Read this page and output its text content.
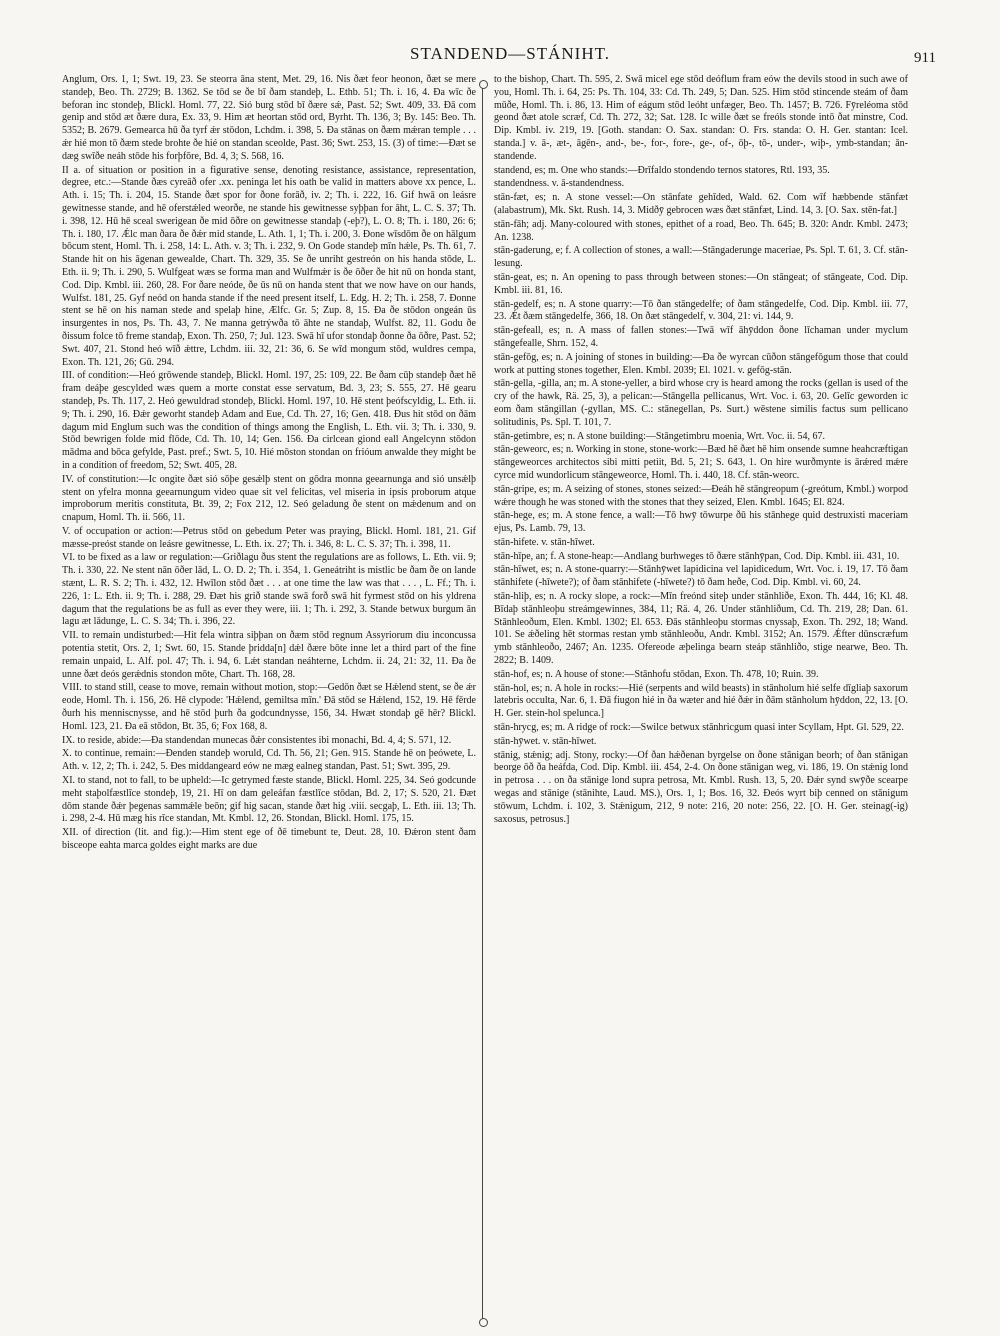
STANDEND—STÁNIHT.	911

Anglum, Ors. 1, 1; Swt. 19, 23. Se steorra āna stent, Met. 29, 16. Nis ðæt feor heonon, ðæt se mere standeþ, Beo. Th. 2729; B. 1362. Se tōd se ðe bī ðam standeþ, L. Ethb. 51; Th. i. 16, 4. Ða wīc ðe beforan inc stondeþ, Blickl. Homl. 77, 22. Sió burg stōd bī ðære sǽ, Past. 52; Swt. 409, 33. Ðā com genip and stōd æt ðære dura, Ex. 33, 9. Him æt heortan stōd ord, Byrht. Th. 136, 3; By. 145: Beo. Th. 5352; B. 2679. Gemearca hū ða tyrf ǽr stōdon, Lchdm. i. 398, 5. Ða stānas on ðæm mǽran temple . . . ǽr hié mon tō ðæm stede brohte ðe hié on standan sceolde, Past. 36; Swt. 253, 15. (3) of time:—Ðæt se dæg swīðe neáh stōde his forþfōre, Bd. 4, 3; S. 568, 16.

II a. of situation or position in a figurative sense, denoting resistance, assistance, representation, degree, etc.:—Stande ðæs cyreāð ofer .xx. peninga let his oath be valid in matters above xx pence, L. Ath. i. 15; Th. i. 204, 15. Stande ðæt spor for ðone forāð, iv. 2; Th. i. 222, 16. Gif hwā on leásre gewitnesse stande, and hē oferstǽled weorðe, ne stande his gewitnesse syþþan for āht, L. C. S. 37; Th. i. 398, 12. Hū hē sceal swerigean ðe mid ōðre on gewitnesse standaþ (-eþ?), L. O. 8; Th. i. 180, 26: 6; Th. i. 180, 17. Ǽlc man ðara ðe ðǽr mid stande, L. Ath. 1, 1; Th. i. 200, 3. Ðone wīsdōm ðe on hālgum bōcum stent, Homl. Th. i. 258, 14: L. Ath. v. 3; Th. i. 232, 9. On Gode standeþ mīn hǽle, Ps. Th. 61, 7. Stande hit on his āgenan gewealde, Chart. Th. 329, 35. Se ðe unriht gestreón on his handa stōde, L. Eth. ii. 9; Th. i. 290, 5. Wulfgeat wæs se forma man and Wulfmǽr is ðe ōðer ðe hit nū on honda stant, Cod. Dip. Kmbl. iii. 260, 28. For ðare neóde, ðe ūs nū on handa stent that we now have on our hands, Wulfst. 181, 25. Gyf neód on handa stande if the need present itself, L. Edg. H. 2; Th. i. 258, 7. Ðonne stent se hē on his naman stede and spelaþ hine, Ælfc. Gr. 5; Zup. 8, 15. Ða ðe stōdon ongeán ūs insurgentes in nos, Ps. Th. 43, 7. Ne manna getrýwða tō āhte ne standaþ, Wulfst. 82, 11. Godu ðe ðissum folce tō freme standaþ, Exon. Th. 250, 7; Jul. 123. Swā hī ufor stondaþ ðonne ða ōðre, Past. 52; Swt. 407, 21. Stond heó wīð ǽttre, Lchdm. iii. 32, 21: 36, 6. Se wīd mongum stōd, wuldres cempa, Exon. Th. 121, 26; Gū. 294.

III. of condition:—Heó grōwende standeþ, Blickl. Homl. 197, 25: 109, 22. Be ðam cūþ standeþ ðæt hē fram deáþe gescylded wæs quem a morte constat esse servatum, Bd. 3, 23; S. 555, 27. Hē gearu standeþ, Ps. Th. 117, 2. Heó gewuldrad stondeþ, Blickl. Homl. 197, 10. Hē stent þeófscyldig, L. Eth. ii. 9; Th. i. 290, 16. Ðǽr geworht standeþ Adam and Eue, Cd. Th. 27, 16; Gen. 418. Ðus hit stōd on ðām dagum mid Englum such was the condition of things among the English, L. Eth. vii. 3; Th. i. 330, 9. Stōd bewrigen folde mid flōde, Cd. Th. 10, 14; Gen. 156. Ða cirlcean giond eall Angelcynn stōdon mādma and bōca gefylde, Past. pref.; Swt. 5, 10. Hié mōston stondan on frióum anwalde they might be in a condition of freedom, 52; Swt. 405, 28.

IV. of constitution:—Ic ongite ðæt sió sōþe gesǽlþ stent on gōdra monna geearnunga and sió unsǽlþ stent on yfelra monna geearnungum video quae sit vel felicitas, vel miseria in ipsis proborum atque improborum meritis constituta, Bt. 39, 2; Fox 212, 12. Seó geladung ðe stent on mǽdenum and on cnapum, Homl. Th. ii. 566, 11.

V. of occupation or action:—Petrus stōd on gebedum Peter was praying, Blickl. Homl. 181, 21. Gif mæsse-preóst stande on leásre gewitnesse, L. Eth. ix. 27; Th. i. 346, 8: L. C. S. 37; Th. i. 398, 11.

VI. to be fixed as a law or regulation:—Griðlagu ðus stent the regulations are as follows, L. Eth. vii. 9; Th. i. 330, 22. Ne stent nān ōðer lād, L. O. D. 2; Th. i. 354, 1. Geneátriht is mistlic be ðam ðe on lande stænt, L. R. S. 2; Th. i. 432, 12. Hwīlon stōd ðæt . . . at one time the law was that . . . , L. Ff.; Th. i. 226, 1: L. Eth. ii. 9; Th. i. 288, 29. Ðæt his grið stande swā forð swā hit fyrmest stōd on his yldrena dagum that the regulations be as full as ever they were, iii. 1; Th. i. 292, 3. Stande betwux burgum ān lagu æt lādunge, L. C. S. 34; Th. i. 396, 22.

VII. to remain undisturbed:—Hit fela wintra siþþan on ðæm stōd regnum Assyriorum diu inconcussa potentia stetit, Ors. 2, 1; Swt. 60, 15. Stande þridda[n] dǽl ðære bōte inne let a third part of the fine remain unpaid, L. Alf. pol. 47; Th. i. 94, 6. Lǽt standan neáhterne, Lchdm. ii. 24, 21: 32, 11. Ða ðe unne ðæt deós gerǽdnis stondon mōte, Chart. Th. 168, 28.

VIII. to stand still, cease to move, remain without motion, stop:—Gedōn ðæt se Hǽlend stent, se ðe ǽr eode, Homl. Th. i. 156, 26. Hē clypode: 'Hǽlend, gemiltsa mīn.' Ðā stōd se Hǽlend, 152, 19. Hē fērde ðurh his menniscnysse, and hē stōd þurh ða godcundnysse, 156, 34. Hwæt stondaþ gē hēr? Blickl. Homl. 123, 21. Ða eā stōdon, Bt. 35, 6; Fox 168, 8.

IX. to reside, abide:—Ða standendan munecas ðǽr consistentes ibi monachi, Bd. 4, 4; S. 571, 12.

X. to continue, remain:—Ðenden standeþ woruld, Cd. Th. 56, 21; Gen. 915. Stande hē on þeówete, L. Ath. v. 12, 2; Th. i. 242, 5. Ðes middangeard eów ne mæg ealneg standan, Past. 51; Swt. 395, 29.

XI. to stand, not to fall, to be upheld:—Ic getrymed fæste stande, Blickl. Homl. 225, 34. Seó godcunde meht staþolfæstlīce stondeþ, 19, 21. Hī on dam geleáfan fæstlīce stōdan, Bd. 2, 17; S. 520, 21. Ðæt dōm stande ðǽr þegenas sammǽle beōn; gif hig sacan, stande ðæt hig .viii. secgaþ, L. Eth. iii. 13; Th. i. 298, 2-4. Hū mæg his rīce standan, Mt. Kmbl. 12, 26. Stondan, Blickl. Homl. 175, 15.

XII. of direction (lit. and fig.):—Him stent ege of ðē timebunt te, Deut. 28, 10. Ðǽron stent ðam bisceope eahta marca goldes eight marks are due

to the bishop, Chart. Th. 595, 2. Swā micel ege stōd deóflum fram eów the devils stood in such awe of you, Homl. Th. i. 64, 25: Ps. Th. 104, 33: Cd. Th. 249, 5; Dan. 525. Him stōd stincende steám of ðam mūðe, Homl. Th. i. 86, 13. Him of eágum stōd leóht unfæger, Beo. Th. 1457; B. 726. Fȳreléoma stōd geond ðæt atole scræf, Cd. Th. 272, 32; Sat. 128. Ic wille ðæt se freóls stonde intō ðat minstre, Cod. Dip. Kmbl. iv. 219, 19. [Goth. standan: O. Sax. standan: O. Frs. standa: O. H. Ger. stantan: Icel. standa.] v. ā-, æt-, āgēn-, and-, be-, for-, fore-, ge-, of-, ōþ-, tō-, under-, wiþ-, ymb-standan; ān-standende.

standend, es; m. One who stands:—Ðrīfaldo stondendo ternos statores, Rtl. 193, 35.

standendness. v. ā-standendness.

stān-fæt, es; n. A stone vessel:—On stānfate gehīded, Wald. 62. Com wīf hæbbende stānfæt (alabastrum), Mk. Skt. Rush. 14, 3. Midðȳ gebrocen wæs ðæt stānfæt, Lind. 14, 3. [O. Sax. stēn-fat.]

stān-fāh; adj. Many-coloured with stones, epithet of a road, Beo. Th. 645; B. 320: Andr. Kmbl. 2473; An. 1238.

stān-gaderung, e; f. A collection of stones, a wall:—Stāngaderunge maceriae, Ps. Spl. T. 61, 3. Cf. stān-lesung.

stān-geat, es; n. An opening to pass through between stones:—On stāngeat; of stāngeate, Cod. Dip. Kmbl. iii. 81, 16.

stān-gedelf, es; n. A stone quarry:—Tō ðan stāngedelfe; of ðam stāngedelfe, Cod. Dip. Kmbl. iii. 77, 23. Ǽt ðæm stāngedelfe, 366, 18. On ðæt stāngedelf, v. 304, 21: vi. 144, 9.

stān-gefeall, es; n. A mass of fallen stones:—Twā wīf āhȳddon ðone līchaman under myclum stāngefealle, Shrn. 152, 4.

stān-gefōg, es; n. A joining of stones in building:—Ða ðe wyrcan cūðon stāngefōgum those that could work at putting stones together, Elen. Kmbl. 2039; El. 1021. v. gefōg-stān.

stān-gella, -gilla, an; m. A stone-yeller, a bird whose cry is heard among the rocks (gellan is used of the cry of the hawk, Rä. 25, 3), a pelican:—Stāngella pellicanus, Wrt. Voc. i. 63, 20. Gelīc geworden ic eom ðam stāngillan (-gyllan, MS. C.: stānegellan, Ps. Surt.) wēstene similis factus sum pellicano solitudinis, Ps. Spl. T. 101, 7.

stān-getimbre, es; n. A stone building:—Stāngetimbru moenia, Wrt. Voc. ii. 54, 67.

stān-geweorc, es; n. Working in stone, stone-work:—Bæd hē ðæt hē him onsende sumne heahcræftigan stāngeweorces architectos sibi mitti petiit, Bd. 5, 21; S. 643, 1. On hire wurðmynte is ārǽred mǽre cyrce mid wundorlicum stāngeweorce, Homl. Th. i. 440, 18. Cf. stān-weorc.

stān-gripe, es; m. A seizing of stones, stones seized:—Ðeáh hē stāngreopum (-greótum, Kmbl.) worpod wǽre though he was stoned with the stones that they seized, Elen. Kmbl. 1645; El. 824.

stān-hege, es; m. A stone fence, a wall:—Tō hwȳ tōwurpe ðū his stānhege quid destruxisti maceriam ejus, Ps. Lamb. 79, 13.

stān-hifete. v. stān-hīwet.

stān-hīpe, an; f. A stone-heap:—Andlang burhweges tō ðære stānhȳpan, Cod. Dip. Kmbl. iii. 431, 10.

stān-hīwet, es; n. A stone-quarry:—Stānhȳwet lapidicina vel lapidicedum, Wrt. Voc. i. 19, 17. Tō ðam stānhifete (-hīwete?); of ðam stānhifete (-hīwete?) tō ðam heðe, Cod. Dip. Kmbl. vi. 60, 24.

stān-hliþ, es; n. A rocky slope, a rock:—Mīn freónd siteþ under stānhliðe, Exon. Th. 444, 16; Kl. 48. Bīdaþ stānhleoþu streámgewinnes, 384, 11; Rä. 4, 26. Under stānhliðum, Cd. Th. 219, 28; Dan. 61. Stānhleoðum, Elen. Kmbl. 1302; El. 653. Ðās stānhleoþu stormas cnyssaþ, Exon. Th. 292, 18; Wand. 101. Se ǽðeling hēt stormas restan ymb stānhleoðu, Andr. Kmbl. 3152; An. 1579. Ǽfter dūnscræfum ymb stānhleoðo, 2467; An. 1235. Ofereode æþelinga bearn steáp stānhliðo, stige nearwe, Beo. Th. 2822; B. 1409.

stān-hof, es; n. A house of stone:—Stānhofu stōdan, Exon. Th. 478, 10; Ruin. 39.

stān-hol, es; n. A hole in rocks:—Hié (serpents and wild beasts) in stānholum hié selfe dīgliaþ saxorum latebris occulta, Nar. 6, 1. Ðā fiugon hié in ða wæter and hié ðǽr in ðām stānholum hȳddon, 22, 13. [O. H. Ger. stein-hol spelunca.]

stān-hrycg, es; m. A ridge of rock:—Swilce betwux stānhricgum quasi inter Scyllam, Hpt. Gl. 529, 22.

stān-hȳwet. v. stān-hīwet.

stānig, stǽnig; adj. Stony, rocky:—Of ðan hǽðenan byrgelse on ðone stānigan beorh; of ðan stānigan beorge ōð ða heáfda, Cod. Dip. Kmbl. iii. 454, 2-4. On ðone stānigan weg, vi. 186, 19. On stǽnig lond in petrosa . . . on ða stānige lond supra petrosa, Mt. Kmbl. Rush. 13, 5, 20. Ðǽr synd swȳðe scearpe wegas and stānige (stānihte, Laud. MS.), Ors. 1, 1; Bos. 16, 32. Ðeós wyrt biþ cenned on stānigum stōwum, Lchdm. i. 102, 3. Stǽnigum, 212, 9 note: 216, 20 note: 256, 22. [O. H. Ger. steinag(-ig) saxosus, petrosus.]
